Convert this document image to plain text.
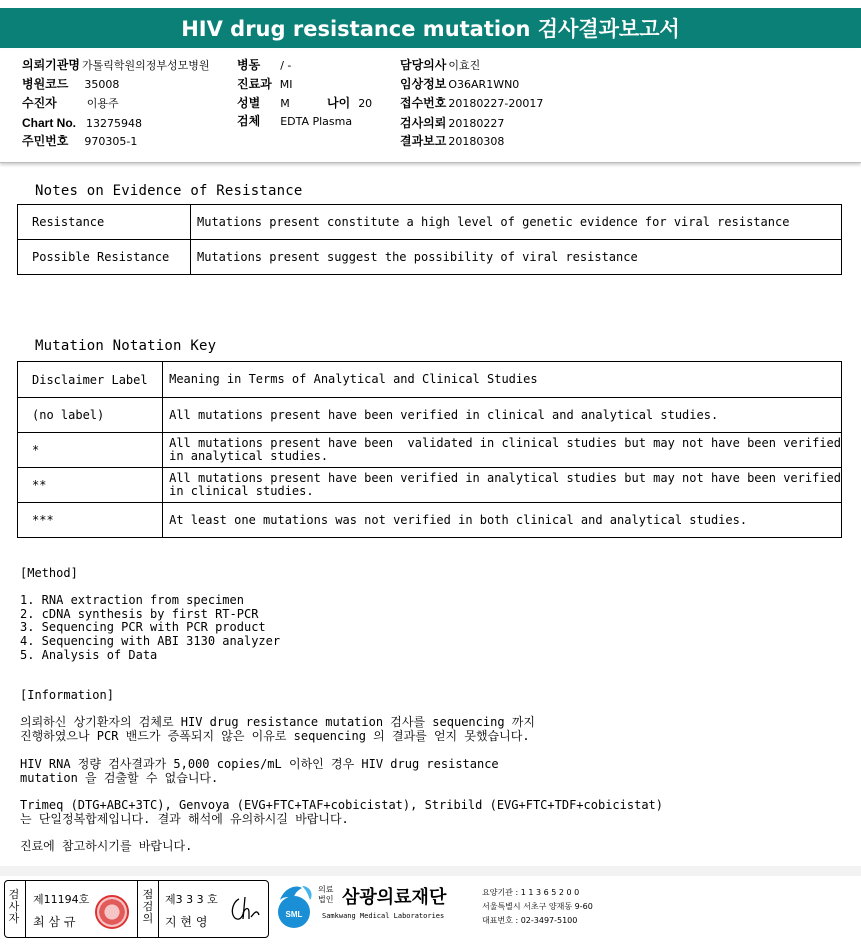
HIV drug resistance mutation 검사결과보고서
의뢰기관명 가톨릭학원의정부성모병원
병원코드 35008
수진자	이용주
Chart No. 13275948
주민번호 970305-1
병동 / -
진료과 MI
성별 M	나이 20
검체 EDTA Plasma
담당의사 이효진
임상정보 O36AR1WN0
접수번호 20180227-20017
검사의뢰 20180227
결과보고 20180308
Notes on Evidence of Resistance
Resistance	Mutations present constitute a high level of genetic evidence for viral resistance
Possible Resistance	Mutations present suggest the possibility of viral resistance
Mutation Notation Key
Disclaimer Label	Meaning in Terms of Analytical and Clinical Studies
(no label)	All mutations present have been verified in clinical and analytical studies.
*	All mutations present have been  validated in clinical studies but may not have been verified
in analytical studies.
**	All mutations present have been verified in analytical studies but may not have been verified
in clinical studies.
***	At least one mutations was not verified in both clinical and analytical studies.
[Method]
1. RNA extraction from specimen
2. cDNA synthesis by first RT-PCR
3. Sequencing PCR with PCR product
4. Sequencing with ABI 3130 analyzer
5. Analysis of Data
[Information]
의뢰하신 상기환자의 검체로 HIV drug resistance mutation 검사를 sequencing 까지
진행하였으나 PCR 밴드가 증폭되지 않은 이유로 sequencing 의 결과를 얻지 못했습니다.
HIV RNA 정량 검사결과가 5,000 copies/mL 이하인 경우 HIV drug resistance
mutation 을 검출할 수 없습니다.
Trimeq (DTG+ABC+3TC), Genvoya (EVG+FTC+TAF+cobicistat), Stribild (EVG+FTC+TDF+cobicistat)
는 단일정복합제입니다. 결과 해석에 유의하시길 바랍니다.
진료에 참고하시기를 바랍니다.
검사자
제11194호
최 삼 규
점검의
제3 3 3 호
지 현 영
SML
의료
법인 삼광의료재단
Samkwang Medical Laboratories
요양기관 : 1 1 3 6 5 2 0 0
서울특별시 서초구 양재동 9-60
대표번호 : 02-3497-5100
